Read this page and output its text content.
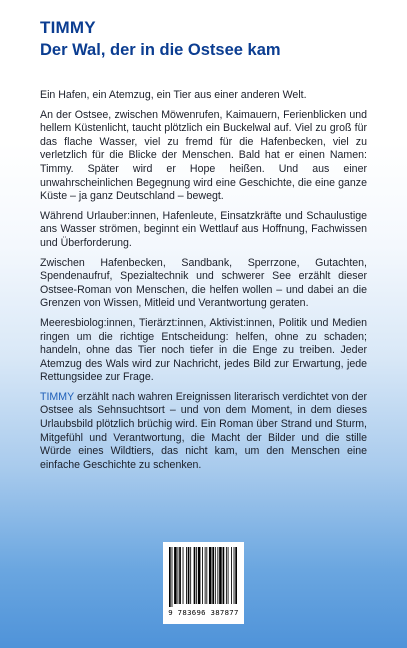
TIMMY
Der Wal, der in die Ostsee kam

Ein Hafen, ein Atemzug, ein Tier aus einer anderen Welt.

An der Ostsee, zwischen Möwenrufen, Kaimauern, Ferienblicken und hellem Küstenlicht, taucht plötzlich ein Buckelwal auf. Viel zu groß für das flache Wasser, viel zu fremd für die Hafenbecken, viel zu verletzlich für die Blicke der Menschen. Bald hat er einen Namen: Timmy. Später wird er Hope heißen. Und aus einer unwahrscheinlichen Begegnung wird eine Geschichte, die eine ganze Küste – ja ganz Deutschland – bewegt.

Während Urlauber:innen, Hafenleute, Einsatzkräfte und Schaulustige ans Wasser strömen, beginnt ein Wettlauf aus Hoffnung, Fachwissen und Überforderung.

Zwischen Hafenbecken, Sandbank, Sperrzone, Gutachten, Spendenaufruf, Spezialtechnik und schwerer See erzählt dieser Ostsee-Roman von Menschen, die helfen wollen – und dabei an die Grenzen von Wissen, Mitleid und Verantwortung geraten.

Meeresbiolog:innen, Tierärzt:innen, Aktivist:innen, Politik und Medien ringen um die richtige Entscheidung: helfen, ohne zu schaden; handeln, ohne das Tier noch tiefer in die Enge zu treiben. Jeder Atemzug des Wals wird zur Nachricht, jedes Bild zur Erwartung, jede Rettungsidee zur Frage.

TIMMY erzählt nach wahren Ereignissen literarisch verdichtet von der Ostsee als Sehnsuchtsort – und von dem Moment, in dem dieses Urlaubsbild plötzlich brüchig wird. Ein Roman über Strand und Sturm, Mitgefühl und Verantwortung, die Macht der Bilder und die stille Würde eines Wildtiers, das nicht kam, um den Menschen eine einfache Geschichte zu schenken.

9 783696 387877
